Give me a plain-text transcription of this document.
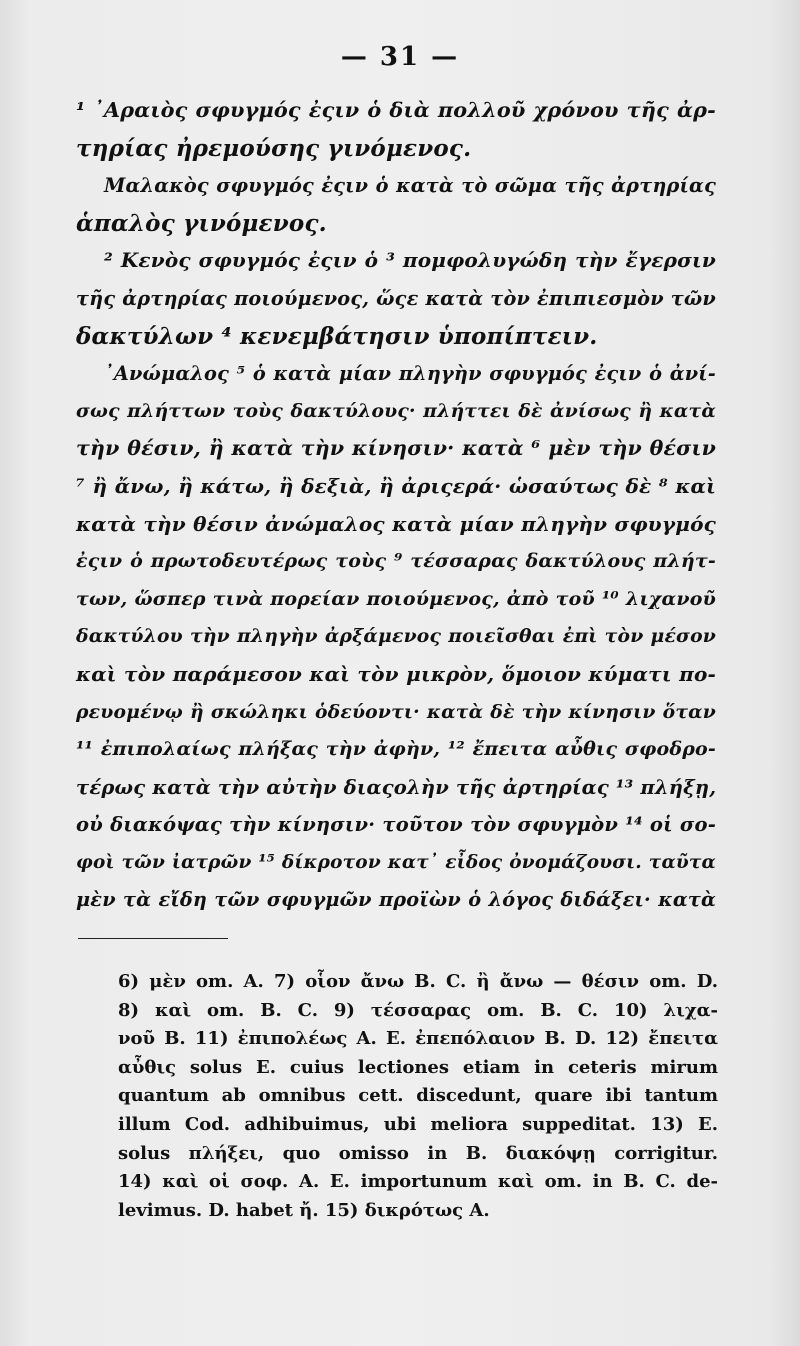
— 31 —
¹ ᾿Αραιὸς σφυγμός ἐςιν ὁ διὰ πολλοῦ χρόνου τῆς ἀρ-
τηρίας ἠρεμούσης γινόμενος.
Μαλακὸς σφυγμός ἐςιν ὁ κατὰ τὸ σῶμα τῆς ἀρτηρίας
ἁπαλὸς γινόμενος.
² Κενὸς σφυγμός ἐςιν ὁ ³ πομφολυγώδη τὴν ἔγερσιν
τῆς ἀρτηρίας ποιούμενος, ὥςε κατὰ τὸν ἐπιπιεσμὸν τῶν
δακτύλων ⁴ κενεμβάτησιν ὑποπίπτειν.
᾿Ανώμαλος ⁵ ὁ κατὰ μίαν πληγὴν σφυγμός ἐςιν ὁ ἀνί-
σως πλήττων τοὺς δακτύλους· πλήττει δὲ ἀνίσως ἢ κατὰ
τὴν θέσιν, ἢ κατὰ τὴν κίνησιν· κατὰ ⁶ μὲν τὴν θέσιν
⁷ ἢ ἄνω, ἢ κάτω, ἢ δεξιὰ, ἢ ἀριςερά· ὡσαύτως δὲ ⁸ καὶ
κατὰ τὴν θέσιν ἀνώμαλος κατὰ μίαν πληγὴν σφυγμός
ἐςιν ὁ πρωτοδευτέρως τοὺς ⁹ τέσσαρας δακτύλους πλήτ-
των, ὥσπερ τινὰ πορείαν ποιούμενος, ἀπὸ τοῦ ¹⁰ λιχανοῦ
δακτύλου τὴν πληγὴν ἀρξάμενος ποιεῖσθαι ἐπὶ τὸν μέσον
καὶ τὸν παράμεσον καὶ τὸν μικρὸν, ὅμοιον κύματι πο-
ρευομένῳ ἢ σκώληκι ὁδεύοντι· κατὰ δὲ τὴν κίνησιν ὅταν
¹¹ ἐπιπολαίως πλήξας τὴν ἀφὴν, ¹² ἔπειτα αὖθις σφοδρο-
τέρως κατὰ τὴν αὐτὴν διαςολὴν τῆς ἀρτηρίας ¹³ πλήξῃ,
οὐ διακόψας τὴν κίνησιν· τοῦτον τὸν σφυγμὸν ¹⁴ οἱ σο-
φοὶ τῶν ἰατρῶν ¹⁵ δίκροτον κατ᾿ εἶδος ὀνομάζουσι. ταῦτα
μὲν τὰ εἴδη τῶν σφυγμῶν προϊὼν ὁ λόγος διδάξει· κατὰ
6) μὲν om. A. 7) οἷον ἄνω B. C. ἢ ἄνω — θέσιν om. D.
8) καὶ om. B. C. 9) τέσσαρας om. B. C. 10) λιχα-
νοῦ B. 11) ἐπιπολέως A. E. ἐπεπόλαιον B. D. 12) ἔπειτα
αὖθις solus E. cuius lectiones etiam in ceteris mirum
quantum ab omnibus cett. discedunt, quare ibi tantum
illum Cod. adhibuimus, ubi meliora suppeditat. 13) E.
solus πλήξει, quo omisso in B. διακόψῃ corrigitur.
14) καὶ οἱ σοφ. A. E. importunum καὶ om. in B. C. de-
levimus. D. habet ἤ. 15) δικρότως A.
